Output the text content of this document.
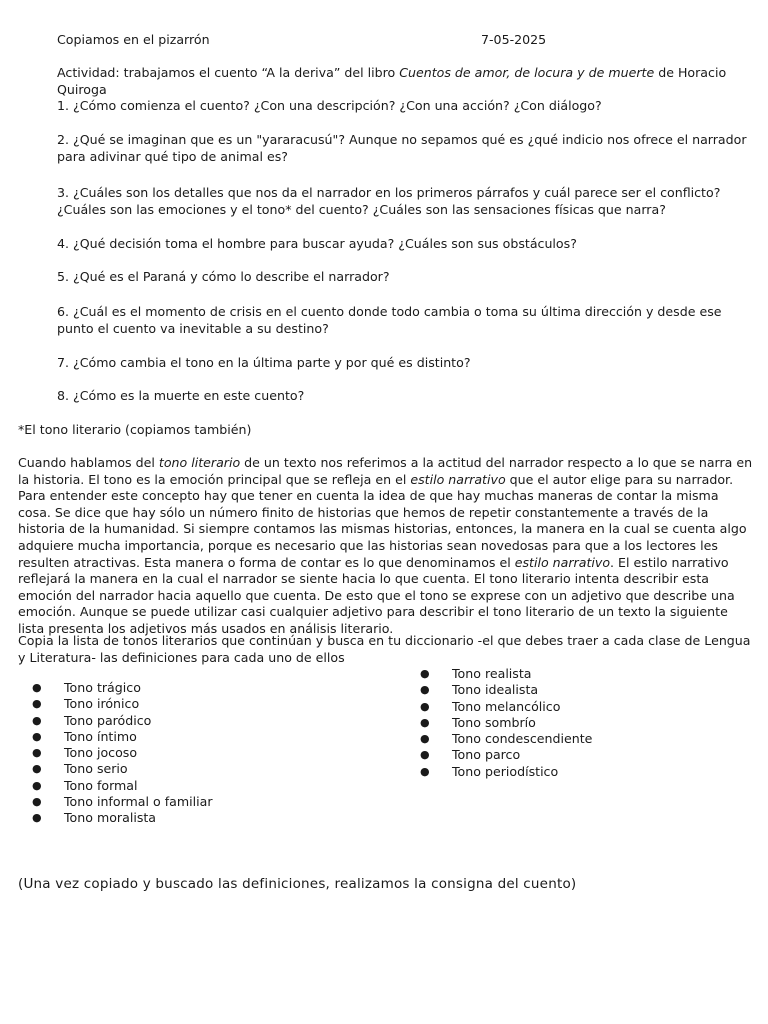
Copiamos en el pizarrón	7-05-2025

Actividad: trabajamos el cuento “A la deriva” del libro Cuentos de amor, de locura y de muerte de Horacio Quiroga

1. ¿Cómo comienza el cuento? ¿Con una descripción? ¿Con una acción? ¿Con diálogo?

2. ¿Qué se imaginan que es un "yararacusú"? Aunque no sepamos qué es ¿qué indicio nos ofrece el narrador para adivinar qué tipo de animal es?

3. ¿Cuáles son los detalles que nos da el narrador en los primeros párrafos y cuál parece ser el conflicto? ¿Cuáles son las emociones y el tono* del cuento? ¿Cuáles son las sensaciones físicas que narra?

4. ¿Qué decisión toma el hombre para buscar ayuda? ¿Cuáles son sus obstáculos?

5. ¿Qué es el Paraná y cómo lo describe el narrador?

6. ¿Cuál es el momento de crisis en el cuento donde todo cambia o toma su última dirección y desde ese punto el cuento va inevitable a su destino?

7. ¿Cómo cambia el tono en la última parte y por qué es distinto?

8. ¿Cómo es la muerte en este cuento?

*El tono literario (copiamos también)

Cuando hablamos del tono literario de un texto nos referimos a la actitud del narrador respecto a lo que se narra en la historia. El tono es la emoción principal que se refleja en el estilo narrativo que el autor elige para su narrador. Para entender este concepto hay que tener en cuenta la idea de que hay muchas maneras de contar la misma cosa. Se dice que hay sólo un número finito de historias que hemos de repetir constantemente a través de la historia de la humanidad. Si siempre contamos las mismas historias, entonces, la manera en la cual se cuenta algo adquiere mucha importancia, porque es necesario que las historias sean novedosas para que a los lectores les resulten atractivas. Esta manera o forma de contar es lo que denominamos el estilo narrativo. El estilo narrativo reflejará la manera en la cual el narrador se siente hacia lo que cuenta. El tono literario intenta describir esta emoción del narrador hacia aquello que cuenta. De esto que el tono se exprese con un adjetivo que describe una emoción. Aunque se puede utilizar casi cualquier adjetivo para describir el tono literario de un texto la siguiente lista presenta los adjetivos más usados en análisis literario.

Copia la lista de tonos literarios que continúan y busca en tu diccionario -el que debes traer a cada clase de Lengua y Literatura- las definiciones para cada uno de ellos

● Tono trágico
● Tono irónico
● Tono paródico
● Tono íntimo
● Tono jocoso
● Tono serio
● Tono formal
● Tono informal o familiar
● Tono moralista
● Tono realista
● Tono idealista
● Tono melancólico
● Tono sombrío
● Tono condescendiente
● Tono parco
● Tono periodístico

(Una vez copiado y buscado las definiciones, realizamos la consigna del cuento)
